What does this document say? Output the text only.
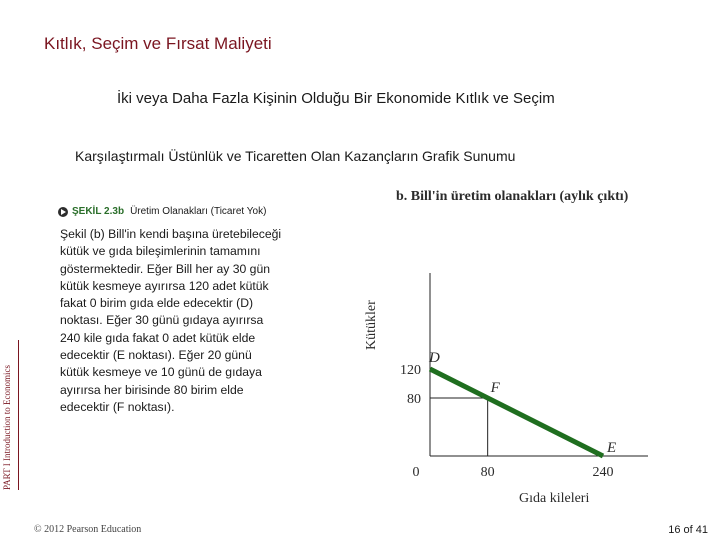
Kıtlık, Seçim ve Fırsat Maliyeti
İki veya Daha Fazla Kişinin Olduğu Bir Ekonomide Kıtlık ve Seçim
Karşılaştırmalı Üstünlük ve Ticaretten Olan Kazançların Grafik Sunumu
PART I Introduction to Economics
ŞEKİL 2.3b Üretim Olanakları (Ticaret Yok)
Şekil (b) Bill'in kendi başına üretebileceği kütük ve gıda bileşimlerinin tamamını göstermektedir. Eğer Bill her ay 30 gün kütük kesmeye ayırırsa 120 adet kütük fakat 0 birim gıda elde edecektir (D) noktası. Eğer 30 günü gıdaya ayırırsa 240 kile gıda fakat 0 adet kütük elde edecektir (E noktası). Eğer 20 günü kütük kesmeye ve 10 günü de gıdaya ayırırsa her birisinde 80 birim elde edecektir (F noktası).
b. Bill'in üretim olanakları (aylık çıktı)
Kütükler
Gıda kileleri
D
F
E
120
80
0	80	240
© 2012 Pearson Education	16 of 41
